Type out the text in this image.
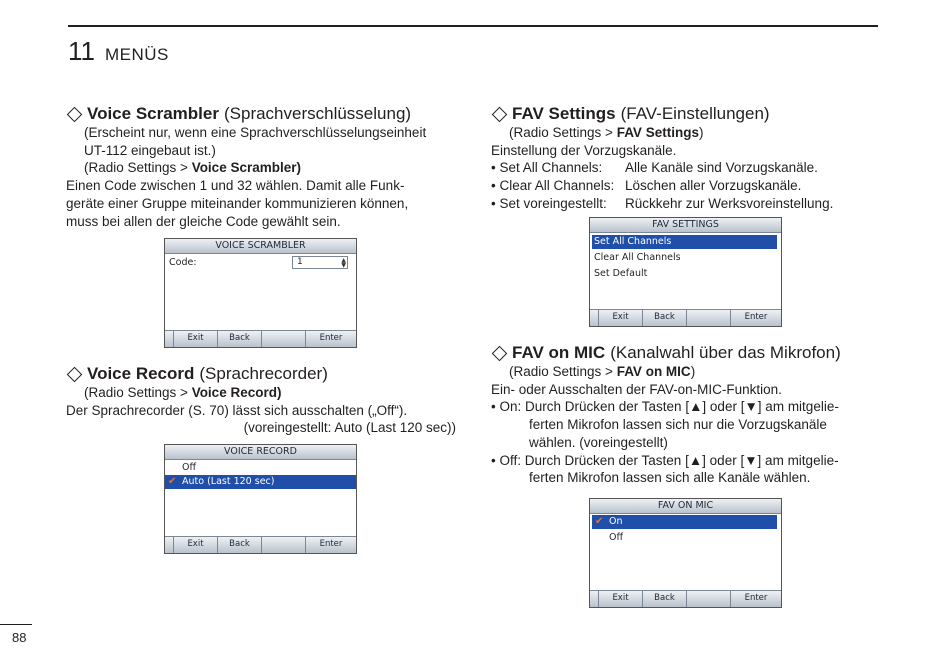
11 MENÜS
Voice Scrambler (Sprachverschlüsselung)
(Erscheint nur, wenn eine Sprachverschlüsselungseinheit
UT-112 eingebaut ist.)
(Radio Settings > Voice Scrambler)
Einen Code zwischen 1 und 32 wählen. Damit alle Funk-
geräte einer Gruppe miteinander kommunizieren können,
muss bei allen der gleiche Code gewählt sein.
VOICE SCRAMBLER
Code:	1	▲
▼
Exit	Back	Enter
Voice Record (Sprachrecorder)
(Radio Settings > Voice Record)
Der Sprachrecorder (S. 70) lässt sich ausschalten („Off“).
(voreingestellt: Auto (Last 120 sec))
VOICE RECORD
Off
✔ Auto (Last 120 sec)
Exit	Back	Enter
FAV Settings (FAV-Einstellungen)
(Radio Settings > FAV Settings)
Einstellung der Vorzugskanäle.
• Set All Channels: Alle Kanäle sind Vorzugskanäle.
• Clear All Channels: Löschen aller Vorzugskanäle.
• Set voreingestellt: Rückkehr zur Werksvoreinstellung.
FAV SETTINGS
Set All Channels
Clear All Channels
Set Default
Exit	Back	Enter
FAV on MIC (Kanalwahl über das Mikrofon)
(Radio Settings > FAV on MIC)
Ein- oder Ausschalten der FAV-on-MIC-Funktion.
• On: Durch Drücken der Tasten [▲] oder [▼] am mitgelie-
ferten Mikrofon lassen sich nur die Vorzugskanäle
wählen. (voreingestellt)
• Off: Durch Drücken der Tasten [▲] oder [▼] am mitgelie-
ferten Mikrofon lassen sich alle Kanäle wählen.
FAV ON MIC
✔ On
Off
Exit	Back	Enter
88
